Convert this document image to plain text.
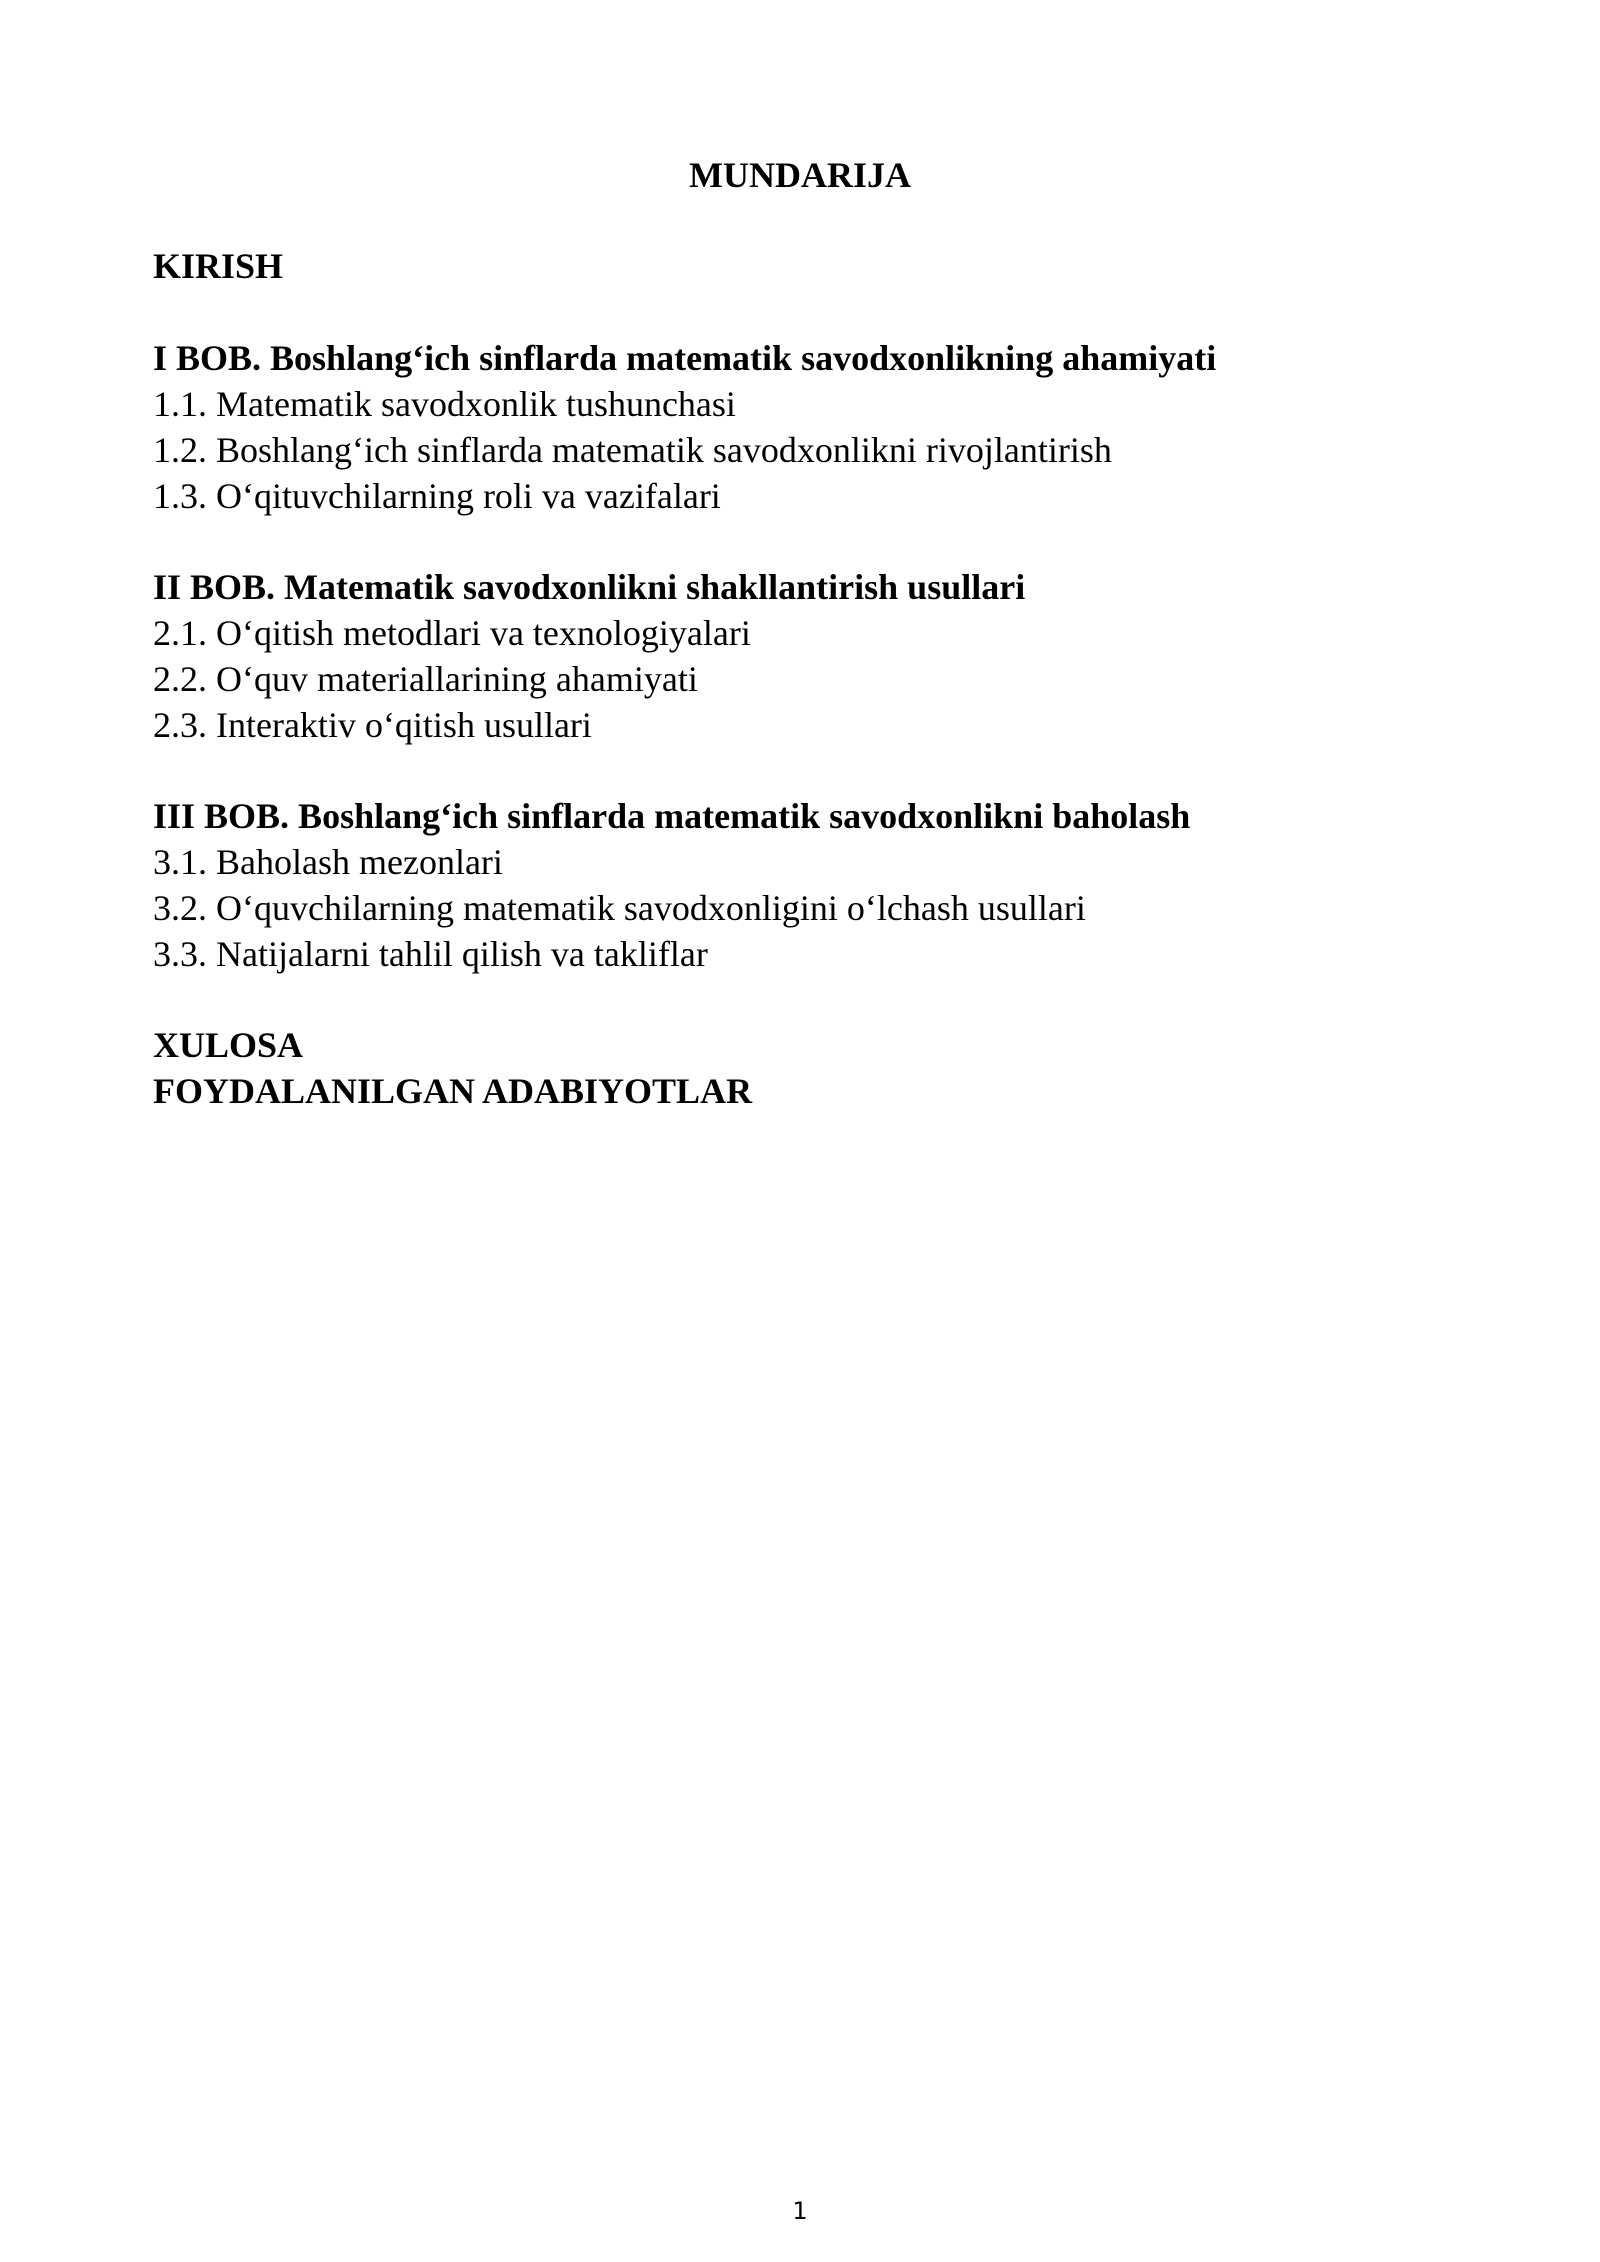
MUNDARIJA
KIRISH
I BOB. Boshlang‘ich sinflarda matematik savodxonlikning ahamiyati
1.1. Matematik savodxonlik tushunchasi
1.2. Boshlang‘ich sinflarda matematik savodxonlikni rivojlantirish
1.3. O‘qituvchilarning roli va vazifalari
II BOB. Matematik savodxonlikni shakllantirish usullari
2.1. O‘qitish metodlari va texnologiyalari
2.2. O‘quv materiallarining ahamiyati
2.3. Interaktiv o‘qitish usullari
III BOB. Boshlang‘ich sinflarda matematik savodxonlikni baholash
3.1. Baholash mezonlari
3.2. O‘quvchilarning matematik savodxonligini o‘lchash usullari
3.3. Natijalarni tahlil qilish va takliflar
XULOSA
FOYDALANILGAN ADABIYOTLAR
1
